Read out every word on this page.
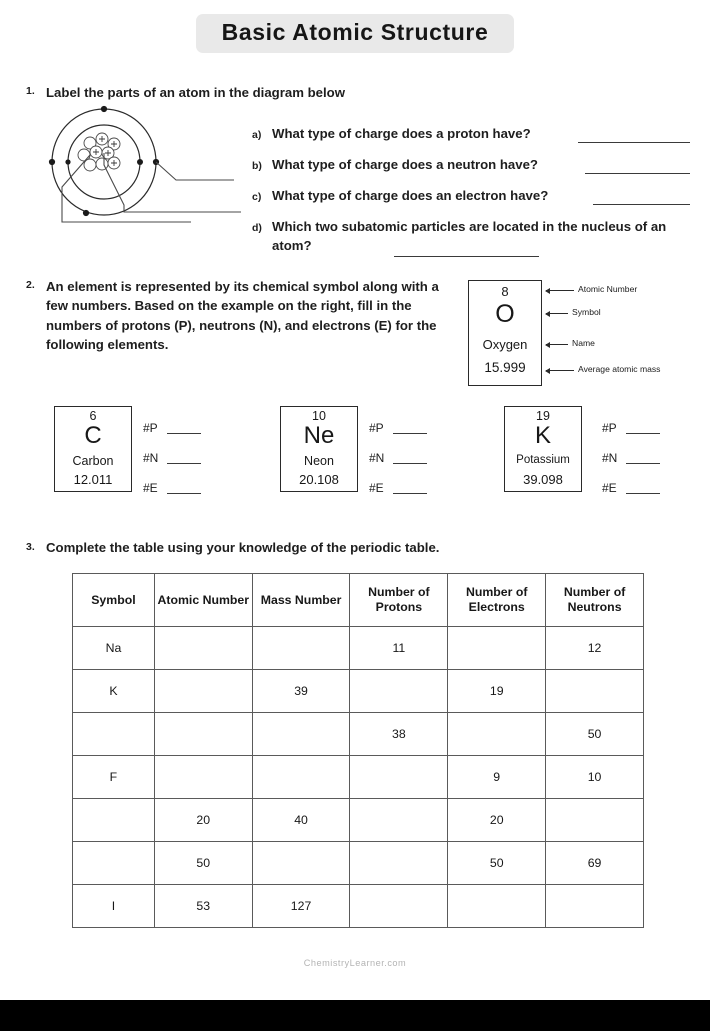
Basic Atomic Structure
1. Label the parts of an atom in the diagram below
a) What type of charge does a proton have?
b) What type of charge does a neutron have?
c) What type of charge does an electron have?
d) Which two subatomic particles are located in the nucleus of an atom?
2. An element is represented by its chemical symbol along with a few numbers. Based on the example on the right, fill in the numbers of protons (P), neutrons (N), and electrons (E) for the following elements.
8
O
Oxygen
15.999
Atomic Number
Symbol
Name
Average atomic mass
6
C
Carbon
12.011
#P
#N
#E
10
Ne
Neon
20.108
#P
#N
#E
19
K
Potassium
39.098
#P
#N
#E
3. Complete the table using your knowledge of the periodic table.
Symbol	Atomic Number	Mass Number	Number of Protons	Number of Electrons	Number of Neutrons
Na			11		12
K		39		19	
			38		50
F				9	10
	20	40		20	
	50			50	69
I	53	127			
ChemistryLearner.com
